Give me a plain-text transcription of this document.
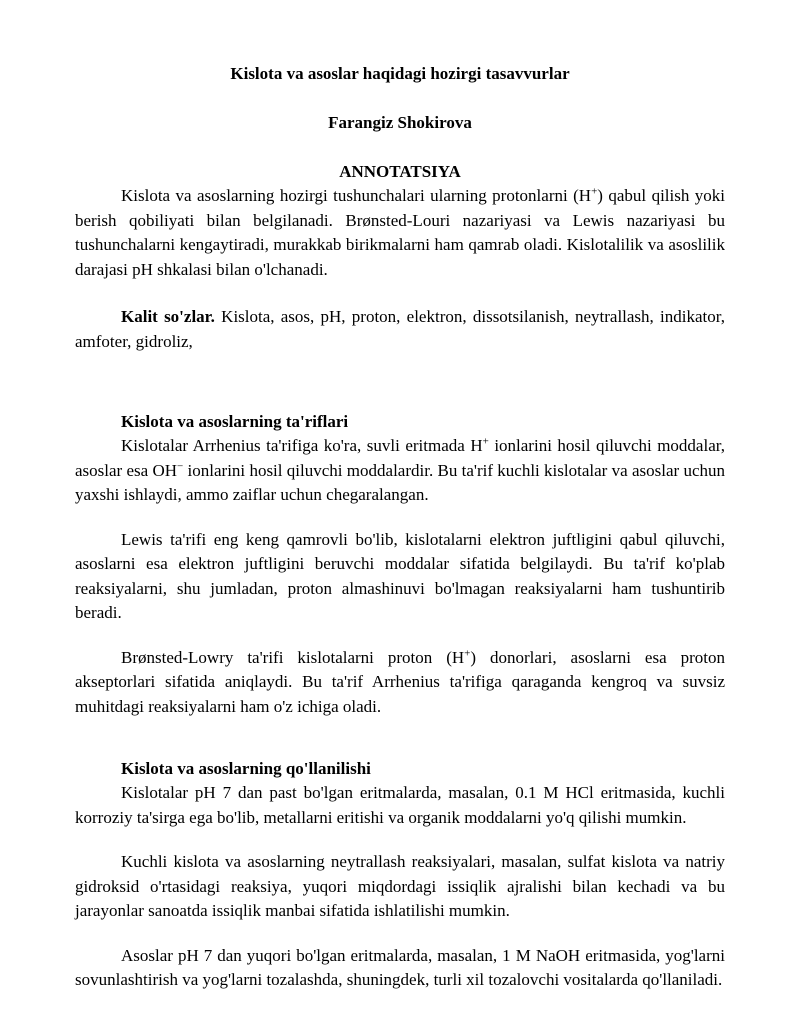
Kislota va asoslar haqidagi hozirgi tasavvurlar
Farangiz Shokirova
ANNOTATSIYA

Kislota va asoslarning hozirgi tushunchalari ularning protonlarni (H+) qabul qilish yoki berish qobiliyati bilan belgilanadi. Brønsted-Louri nazariyasi va Lewis nazariyasi bu tushunchalarni kengaytiradi, murakkab birikmalarni ham qamrab oladi. Kislotalilik va asoslilik darajasi pH shkalasi bilan o'lchanadi.

Kalit so'zlar. Kislota, asos, pH, proton, elektron, dissotsilanish, neytrallash, indikator, amfoter, gidroliz,

Kislota va asoslarning ta'riflari

Kislotalar Arrhenius ta'rifiga ko'ra, suvli eritmada H+ ionlarini hosil qiluvchi moddalar, asoslar esa OH− ionlarini hosil qiluvchi moddalardir. Bu ta'rif kuchli kislotalar va asoslar uchun yaxshi ishlaydi, ammo zaiflar uchun chegaralangan.

Lewis ta'rifi eng keng qamrovli bo'lib, kislotalarni elektron juftligini qabul qiluvchi, asoslarni esa elektron juftligini beruvchi moddalar sifatida belgilaydi. Bu ta'rif ko'plab reaksiyalarni, shu jumladan, proton almashinuvi bo'lmagan reaksiyalarni ham tushuntirib beradi.

Brønsted-Lowry ta'rifi kislotalarni proton (H+) donorlari, asoslarni esa proton akseptorlari sifatida aniqlaydi. Bu ta'rif Arrhenius ta'rifiga qaraganda kengroq va suvsiz muhitdagi reaksiyalarni ham o'z ichiga oladi.

Kislota va asoslarning qo'llanilishi

Kislotalar pH 7 dan past bo'lgan eritmalarda, masalan, 0.1 M HCl eritmasida, kuchli korroziy ta'sirga ega bo'lib, metallarni eritishi va organik moddalarni yo'q qilishi mumkin.

Kuchli kislota va asoslarning neytrallash reaksiyalari, masalan, sulfat kislota va natriy gidroksid o'rtasidagi reaksiya, yuqori miqdordagi issiqlik ajralishi bilan kechadi va bu jarayonlar sanoatda issiqlik manbai sifatida ishlatilishi mumkin.

Asoslar pH 7 dan yuqori bo'lgan eritmalarda, masalan, 1 M NaOH eritmasida, yog'larni sovunlashtirish va yog'larni tozalashda, shuningdek, turli xil tozalovchi vositalarda qo'llaniladi.
